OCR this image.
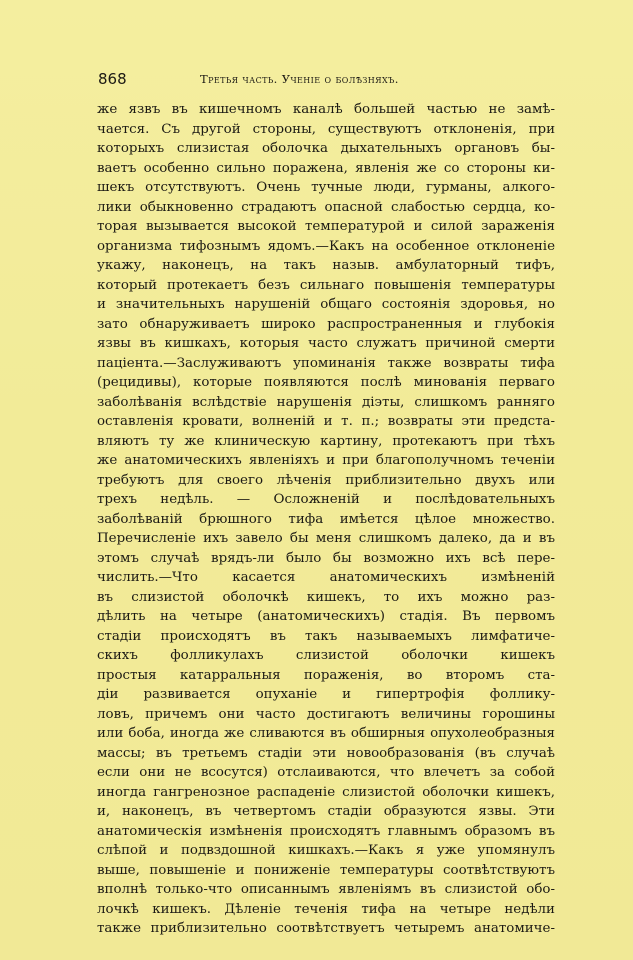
868	Третья часть. Ученіе о болѣзняхъ.
же язвъ въ кишечномъ каналѣ большей частью не замѣ-
чается. Съ другой стороны, существуютъ отклоненія, при
которыхъ слизистая оболочка дыхательныхъ органовъ бы-
ваетъ особенно сильно поражена, явленія же со стороны ки-
шекъ отсутствуютъ. Очень тучные люди, гурманы, алкого-
лики обыкновенно страдаютъ опасной слабостью сердца, ко-
торая вызывается высокой температурой и силой зараженія
организма тифознымъ ядомъ.—Какъ на особенное отклоненіе
укажу, наконецъ, на такъ назыв. амбулаторный тифъ,
который протекаетъ безъ сильнаго повышенія температуры
и значительныхъ нарушеній общаго состоянія здоровья, но
зато обнаруживаетъ широко распространенныя и глубокія
язвы въ кишкахъ, которыя часто служатъ причиной смерти
паціента.—Заслуживаютъ упоминанія также возвраты тифа
(рецидивы), которые появляются послѣ минованія перваго
заболѣванія вслѣдствіе нарушенія діэты, слишкомъ ранняго
оставленія кровати, волненій и т. п.; возвраты эти предста-
вляютъ ту же клиническую картину, протекаютъ при тѣхъ
же анатомическихъ явленіяхъ и при благополучномъ теченіи
требуютъ для своего лѣченія приблизительно двухъ или
трехъ недѣль. — Осложненій и послѣдовательныхъ
заболѣваній брюшного тифа имѣется цѣлое множество.
Перечисленіе ихъ завело бы меня слишкомъ далеко, да и въ
этомъ случаѣ врядъ-ли было бы возможно ихъ всѣ пере-
числить.—Что касается анатомическихъ измѣненій
въ слизистой оболочкѣ кишекъ, то ихъ можно раз-
дѣлить на четыре (анатомическихъ) стадія. Въ первомъ
стадіи происходятъ въ такъ называемыхъ лимфатиче-
скихъ фолликулахъ слизистой оболочки кишекъ
простыя катарральныя пораженія, во второмъ ста-
діи развивается опуханіе и гипертрофія фоллику-
ловъ, причемъ они часто достигаютъ величины горошины
или боба, иногда же сливаются въ обширныя опухолеобразныя
массы; въ третьемъ стадіи эти новообразованія (въ случаѣ
если они не всосутся) отслаиваются, что влечетъ за собой
иногда гангренозное распаденіе слизистой оболочки кишекъ,
и, наконецъ, въ четвертомъ стадіи образуются язвы. Эти
анатомическія измѣненія происходятъ главнымъ образомъ въ
слѣпой и подвздошной кишкахъ.—Какъ я уже упомянулъ
выше, повышеніе и пониженіе температуры соотвѣтствуютъ
вполнѣ только-что описаннымъ явленіямъ въ слизистой обо-
лочкѣ кишекъ. Дѣленіе теченія тифа на четыре недѣли
также приблизительно соотвѣтствуетъ четыремъ анатомиче-
